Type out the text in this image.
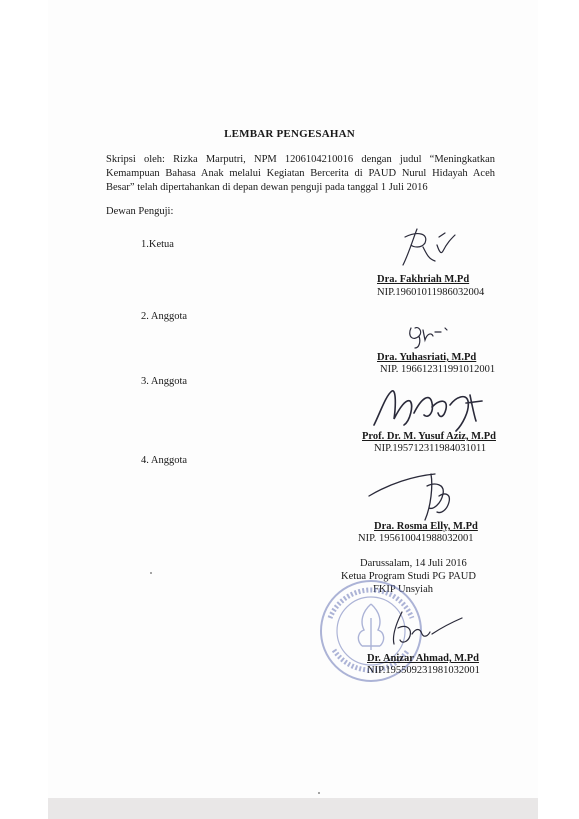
LEMBAR PENGESAHAN
Skripsi oleh: Rizka Marputri, NPM 1206104210016 dengan judul “Meningkatkan
Kemampuan Bahasa Anak melalui Kegiatan Bercerita di PAUD Nurul Hidayah Aceh
Besar” telah dipertahankan di depan dewan penguji pada tanggal 1 Juli 2016
Dewan Penguji:
1.Ketua
Dra. Fakhriah M.Pd
NIP.196010119860320​04
2. Anggota
Dra. Yuhasriati, M.Pd
NIP. 196612311991012001
3. Anggota
Prof. Dr. M. Yusuf Aziz, M.Pd
NIP.195712311984031011
4. Anggota
Dra. Rosma Elly, M.Pd
NIP. 195610041988032001
Darussalam, 14 Juli 2016
Ketua Program Studi PG PAUD
FKIP Unsyiah
Dr. Anizar Ahmad, M.Pd
NIP.195509231981032001
